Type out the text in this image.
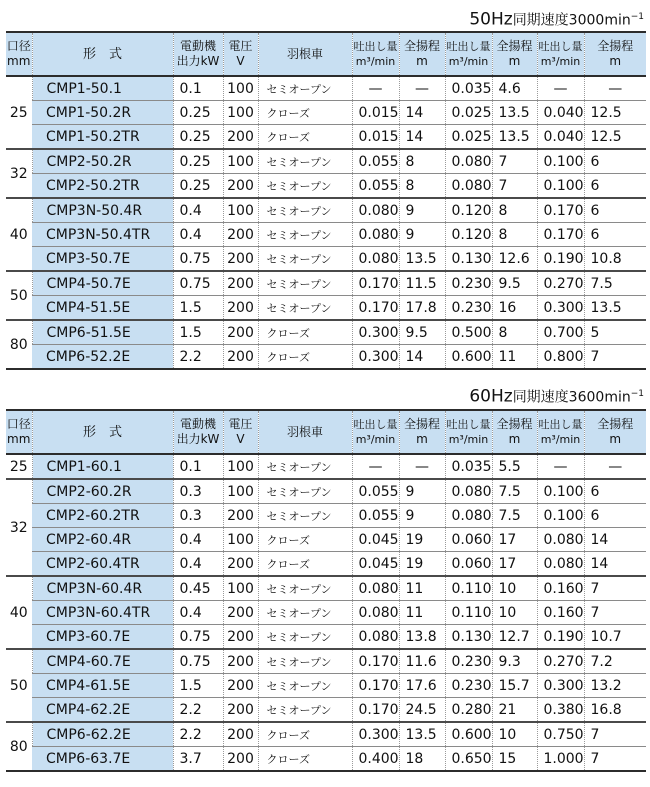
50Hz同期速度$3000\min^{-1}$
口径
mm	形　式	電動機
出力kW	電圧
V	羽根車	吐出し量
m³/min	全揚程
m	吐出し量
m³/min	全揚程
m	吐出し量
m³/min	全揚程
m
25	CMP1-50.1	0.1	100	セミオープン	—	—	0.035	4.6	—	—
	CMP1-50.2R	0.25	100	クローズ	0.015	14	0.025	13.5	0.040	12.5
	CMP1-50.2TR	0.25	200	クローズ	0.015	14	0.025	13.5	0.040	12.5
32	CMP2-50.2R	0.25	100	セミオープン	0.055	8	0.080	7	0.100	6
	CMP2-50.2TR	0.25	200	セミオープン	0.055	8	0.080	7	0.100	6
40	CMP3N-50.4R	0.4	100	セミオープン	0.080	9	0.120	8	0.170	6
	CMP3N-50.4TR	0.4	200	セミオープン	0.080	9	0.120	8	0.170	6
	CMP3-50.7E	0.75	200	セミオープン	0.080	13.5	0.130	12.6	0.190	10.8
50	CMP4-50.7E	0.75	200	セミオープン	0.170	11.5	0.230	9.5	0.270	7.5
	CMP4-51.5E	1.5	200	セミオープン	0.170	17.8	0.230	16	0.300	13.5
80	CMP6-51.5E	1.5	200	クローズ	0.300	9.5	0.500	8	0.700	5
	CMP6-52.2E	2.2	200	クローズ	0.300	14	0.600	11	0.800	7
60Hz同期速度$3600\min^{-1}$
口径
mm	形　式	電動機
出力kW	電圧
V	羽根車	吐出し量
m³/min	全揚程
m	吐出し量
m³/min	全揚程
m	吐出し量
m³/min	全揚程
m
25	CMP1-60.1	0.1	100	セミオープン	—	—	0.035	5.5	—	—
32	CMP2-60.2R	0.3	100	セミオープン	0.055	9	0.080	7.5	0.100	6
	CMP2-60.2TR	0.3	200	セミオープン	0.055	9	0.080	7.5	0.100	6
	CMP2-60.4R	0.4	100	クローズ	0.045	19	0.060	17	0.080	14
	CMP2-60.4TR	0.4	200	クローズ	0.045	19	0.060	17	0.080	14
40	CMP3N-60.4R	0.45	100	セミオープン	0.080	11	0.110	10	0.160	7
	CMP3N-60.4TR	0.4	200	セミオープン	0.080	11	0.110	10	0.160	7
	CMP3-60.7E	0.75	200	セミオープン	0.080	13.8	0.130	12.7	0.190	10.7
50	CMP4-60.7E	0.75	200	セミオープン	0.170	11.6	0.230	9.3	0.270	7.2
	CMP4-61.5E	1.5	200	セミオープン	0.170	17.6	0.230	15.7	0.300	13.2
	CMP4-62.2E	2.2	200	セミオープン	0.170	24.5	0.280	21	0.380	16.8
80	CMP6-62.2E	2.2	200	クローズ	0.300	13.5	0.600	10	0.750	7
	CMP6-63.7E	3.7	200	クローズ	0.400	18	0.650	15	1.000	7
